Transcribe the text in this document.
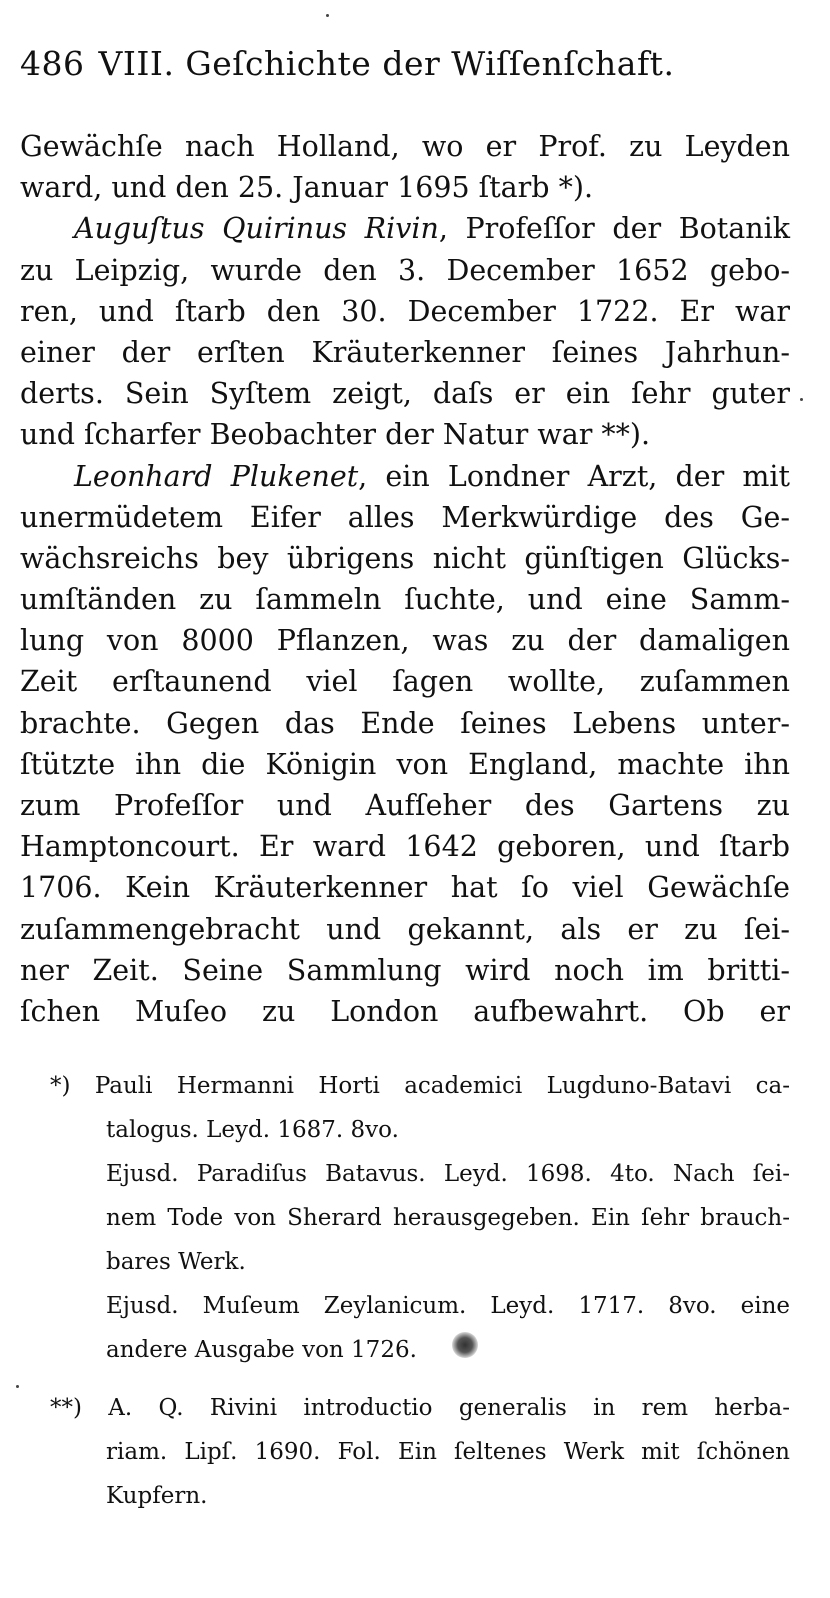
486 VIII. Geſchichte der Wiſſenſchaft.
Gewächſe nach Holland, wo er Prof. zu Leyden
ward, und den 25. Januar 1695 ſtarb *).
Auguſtus Quirinus Rivin, Profeſſor der Botanik
zu Leipzig, wurde den 3. December 1652 gebo-
ren, und ſtarb den 30. December 1722. Er war
einer der erſten Kräuterkenner ſeines Jahrhun-
derts. Sein Syſtem zeigt, daſs er ein ſehr guter
und ſcharfer Beobachter der Natur war **).
Leonhard Plukenet, ein Londner Arzt, der mit
unermüdetem Eifer alles Merkwürdige des Ge-
wächsreichs bey übrigens nicht günſtigen Glücks-
umſtänden zu ſammeln ſuchte, und eine Samm-
lung von 8000 Pflanzen, was zu der damaligen
Zeit erſtaunend viel ſagen wollte, zuſammen
brachte. Gegen das Ende ſeines Lebens unter-
ſtützte ihn die Königin von England, machte ihn
zum Profeſſor und Aufſeher des Gartens zu
Hamptoncourt. Er ward 1642 geboren, und ſtarb
1706. Kein Kräuterkenner hat ſo viel Gewächſe
zuſammengebracht und gekannt, als er zu ſei-
ner Zeit. Seine Sammlung wird noch im britti-
ſchen Muſeo zu London aufbewahrt. Ob er
*) Pauli Hermanni Horti academici Lugduno-Batavi ca-
talogus. Leyd. 1687. 8vo.
Ejusd. Paradiſus Batavus. Leyd. 1698. 4to. Nach ſei-
nem Tode von Sherard herausgegeben. Ein ſehr brauch-
bares Werk.
Ejusd. Muſeum Zeylanicum. Leyd. 1717. 8vo. eine
andere Ausgabe von 1726.
**) A. Q. Rivini introductio generalis in rem herba-
riam. Lipſ. 1690. Fol. Ein ſeltenes Werk mit ſchönen
Kupfern.
